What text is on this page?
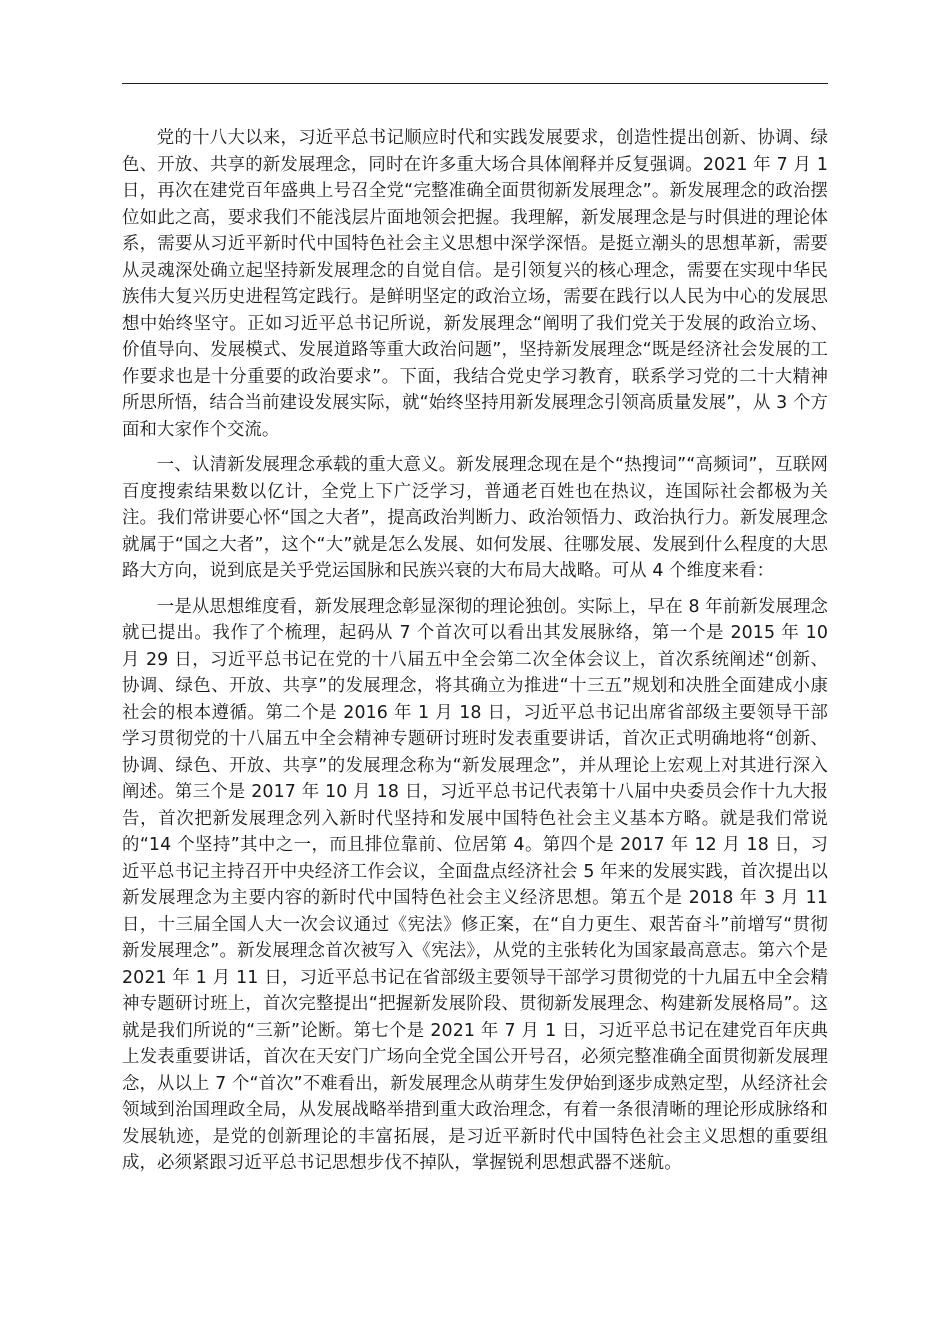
党的十八大以来，习近平总书记顺应时代和实践发展要求，创造性提出创新、协调、绿色、开放、共享的新发展理念，同时在许多重大场合具体阐释并反复强调。2021 年 7 月 1 日，再次在建党百年盛典上号召全党“完整准确全面贯彻新发展理念”。新发展理念的政治摆位如此之高，要求我们不能浅层片面地领会把握。我理解，新发展理念是与时俱进的理论体系，需要从习近平新时代中国特色社会主义思想中深学深悟。是挺立潮头的思想革新，需要从灵魂深处确立起坚持新发展理念的自觉自信。是引领复兴的核心理念，需要在实现中华民族伟大复兴历史进程笃定践行。是鲜明坚定的政治立场，需要在践行以人民为中心的发展思想中始终坚守。正如习近平总书记所说，新发展理念“阐明了我们党关于发展的政治立场、价值导向、发展模式、发展道路等重大政治问题”，坚持新发展理念“既是经济社会发展的工作要求也是十分重要的政治要求”。下面，我结合党史学习教育，联系学习党的二十大精神所思所悟，结合当前建设发展实际，就“始终坚持用新发展理念引领高质量发展”，从 3 个方面和大家作个交流。

一、认清新发展理念承载的重大意义。新发展理念现在是个“热搜词”“高频词”，互联网百度搜索结果数以亿计，全党上下广泛学习，普通老百姓也在热议，连国际社会都极为关注。我们常讲要心怀“国之大者”，提高政治判断力、政治领悟力、政治执行力。新发展理念就属于“国之大者”，这个“大”就是怎么发展、如何发展、往哪发展、发展到什么程度的大思路大方向，说到底是关乎党运国脉和民族兴衰的大布局大战略。可从 4 个维度来看：

一是从思想维度看，新发展理念彰显深彻的理论独创。实际上，早在 8 年前新发展理念就已提出。我作了个梳理，起码从 7 个首次可以看出其发展脉络，第一个是 2015 年 10 月 29 日，习近平总书记在党的十八届五中全会第二次全体会议上，首次系统阐述“创新、协调、绿色、开放、共享”的发展理念，将其确立为推进“十三五”规划和决胜全面建成小康社会的根本遵循。第二个是 2016 年 1 月 18 日，习近平总书记出席省部级主要领导干部学习贯彻党的十八届五中全会精神专题研讨班时发表重要讲话，首次正式明确地将“创新、协调、绿色、开放、共享”的发展理念称为“新发展理念”，并从理论上宏观上对其进行深入阐述。第三个是 2017 年 10 月 18 日，习近平总书记代表第十八届中央委员会作十九大报告，首次把新发展理念列入新时代坚持和发展中国特色社会主义基本方略。就是我们常说的“14 个坚持”其中之一，而且排位靠前、位居第 4。第四个是 2017 年 12 月 18 日，习近平总书记主持召开中央经济工作会议，全面盘点经济社会 5 年来的发展实践，首次提出以新发展理念为主要内容的新时代中国特色社会主义经济思想。第五个是 2018 年 3 月 11 日，十三届全国人大一次会议通过《宪法》修正案，在“自力更生、艰苦奋斗”前增写“贯彻新发展理念”。新发展理念首次被写入《宪法》，从党的主张转化为国家最高意志。第六个是 2021 年 1 月 11 日，习近平总书记在省部级主要领导干部学习贯彻党的十九届五中全会精神专题研讨班上，首次完整提出“把握新发展阶段、贯彻新发展理念、构建新发展格局”。这就是我们所说的“三新”论断。第七个是 2021 年 7 月 1 日，习近平总书记在建党百年庆典上发表重要讲话，首次在天安门广场向全党全国公开号召，必须完整准确全面贯彻新发展理念，从以上 7 个“首次”不难看出，新发展理念从萌芽生发伊始到逐步成熟定型，从经济社会领域到治国理政全局，从发展战略举措到重大政治理念，有着一条很清晰的理论形成脉络和发展轨迹，是党的创新理论的丰富拓展，是习近平新时代中国特色社会主义思想的重要组成，必须紧跟习近平总书记思想步伐不掉队，掌握锐利思想武器不迷航。
